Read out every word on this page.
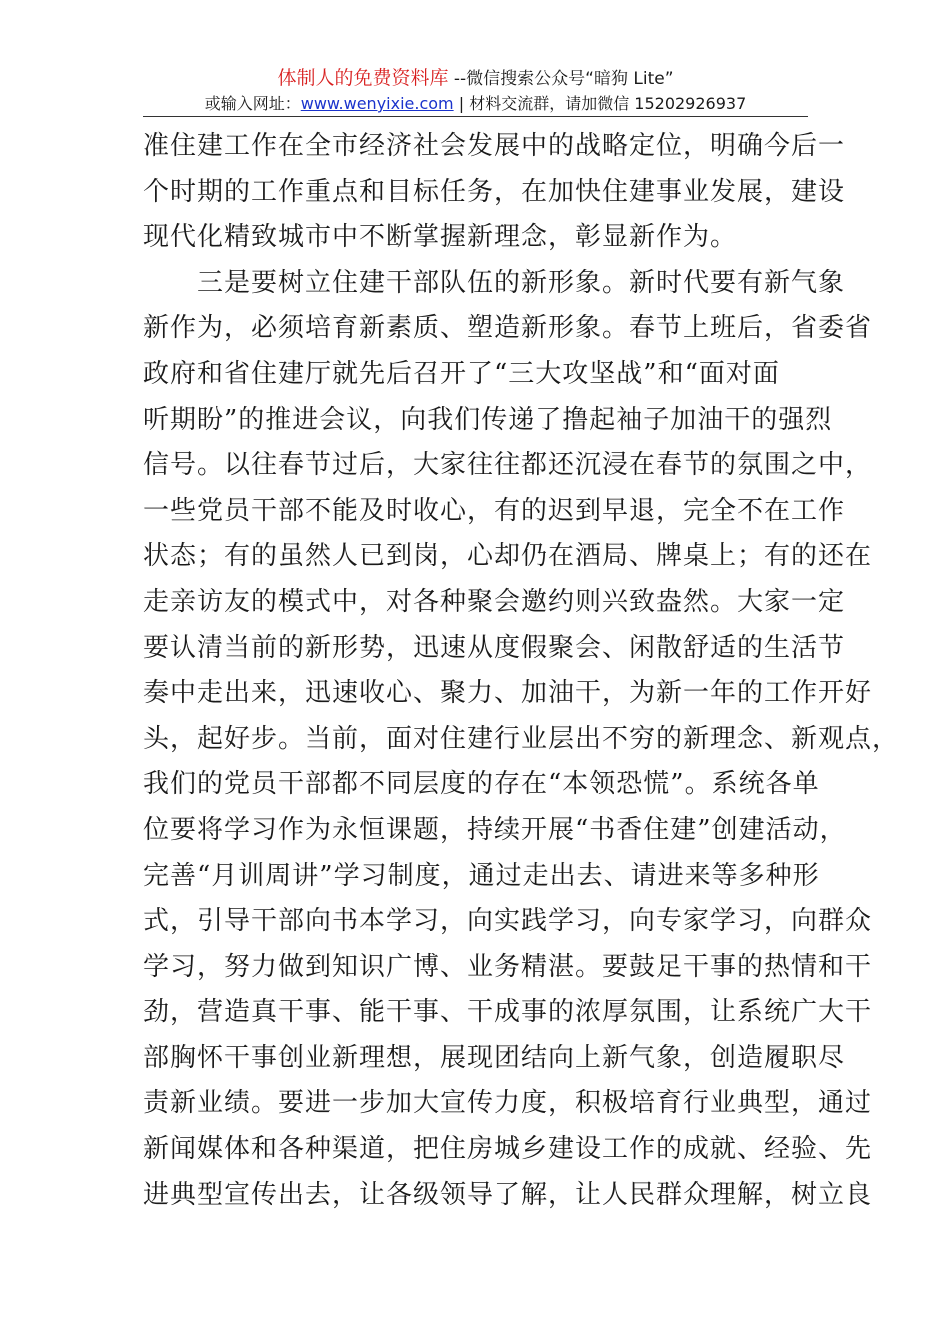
体制人的免费资料库 --微信搜索公众号“暗狗 Lite”
或输入网址：www.wenyixie.com | 材料交流群，请加微信 15202926937
准住建工作在全市经济社会发展中的战略定位，明确今后一
个时期的工作重点和目标任务，在加快住建事业发展，建设
现代化精致城市中不断掌握新理念，彰显新作为。
　　三是要树立住建干部队伍的新形象。新时代要有新气象
新作为，必须培育新素质、塑造新形象。春节上班后，省委省
政府和省住建厅就先后召开了“三大攻坚战”和“面对面
听期盼”的推进会议，向我们传递了撸起袖子加油干的强烈
信号。以往春节过后，大家往往都还沉浸在春节的氛围之中，
一些党员干部不能及时收心，有的迟到早退，完全不在工作
状态；有的虽然人已到岗，心却仍在酒局、牌桌上；有的还在
走亲访友的模式中，对各种聚会邀约则兴致盎然。大家一定
要认清当前的新形势，迅速从度假聚会、闲散舒适的生活节
奏中走出来，迅速收心、聚力、加油干，为新一年的工作开好
头，起好步。当前，面对住建行业层出不穷的新理念、新观点，
我们的党员干部都不同层度的存在“本领恐慌”。系统各单
位要将学习作为永恒课题，持续开展“书香住建”创建活动，
完善“月训周讲”学习制度，通过走出去、请进来等多种形
式，引导干部向书本学习，向实践学习，向专家学习，向群众
学习，努力做到知识广博、业务精湛。要鼓足干事的热情和干
劲，营造真干事、能干事、干成事的浓厚氛围，让系统广大干
部胸怀干事创业新理想，展现团结向上新气象，创造履职尽
责新业绩。要进一步加大宣传力度，积极培育行业典型，通过
新闻媒体和各种渠道，把住房城乡建设工作的成就、经验、先
进典型宣传出去，让各级领导了解，让人民群众理解，树立良
